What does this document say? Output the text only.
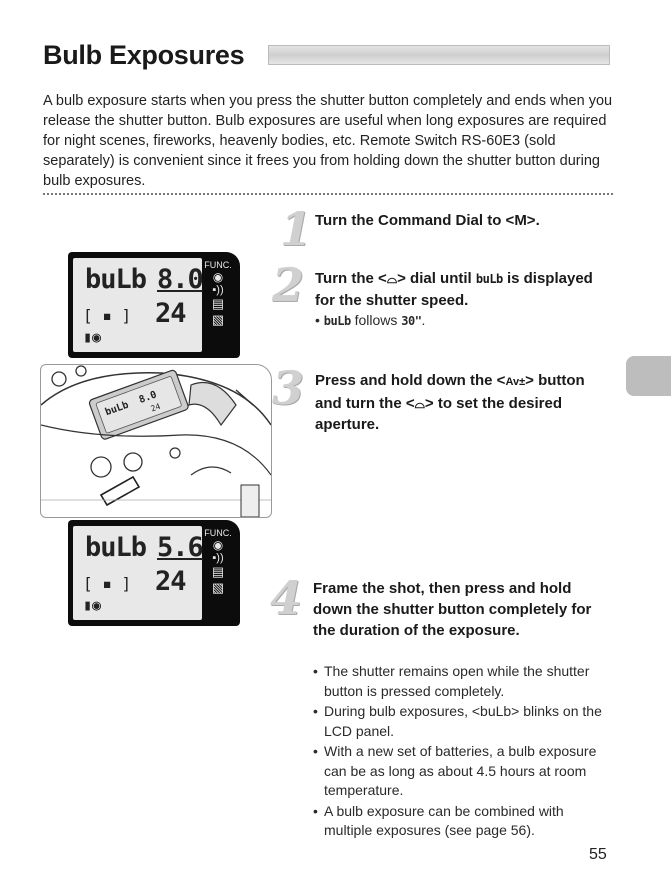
Bulb Exposures
A bulb exposure starts when you press the shutter button completely and ends when you release the shutter button. Bulb exposures are useful when long exposures are required for night scenes, fireworks, heavenly bodies, etc. Remote Switch RS-60E3 (sold separately) is convenient since it frees you from holding down the shutter button during bulb exposures.
1 Turn the Command Dial to <M>.
2 Turn the <⌓> dial until buLb is displayed for the shutter speed.
• buLb follows 30".
3 Press and hold down the <Av±> button and turn the <⌓> to set the desired aperture.
4 Frame the shot, then press and hold down the shutter button completely for the duration of the exposure.
• The shutter remains open while the shutter button is pressed completely.
• During bulb exposures, <buLb> blinks on the LCD panel.
• With a new set of batteries, a bulb exposure can be as long as about 4.5 hours at room temperature.
• A bulb exposure can be combined with multiple exposures (see page 56).
buLb 8.0
[ ▪ ] 24
▮◉
FUNC.
◉
▪))
▤
▧
buLb
8.0
24
buLb 5.6
[ ▪ ] 24
▮◉
FUNC.
◉
▪))
▤
▧
55
